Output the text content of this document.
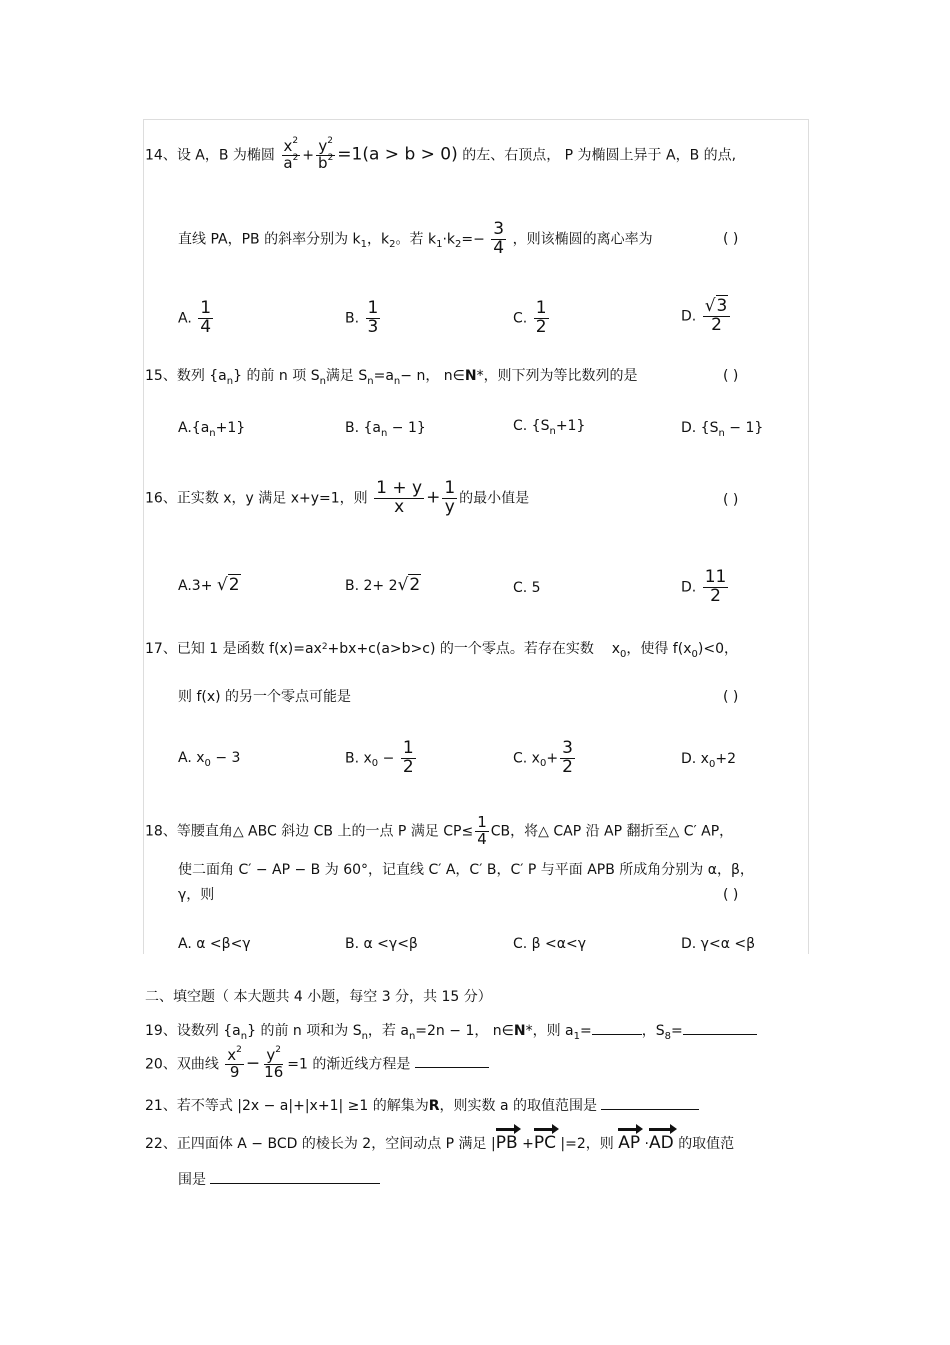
14、设 A，B 为椭圆 $\frac{x^2}{a^2} + \frac{y^2}{b^2} =1(a > b > 0)$ 的左、右顶点， P 为椭圆上异于 A，B 的点,
直线 PA，PB 的斜率分别为 $k_1$，$k_2$。若 $k_1\cdot k_2=- \frac{3}{4}$ ，则该椭圆的离心率为	( )
A. $\frac{1}{4}$	B. $\frac{1}{3}$	C. $\frac{1}{2}$	D. $\frac{√3}{2}$
15、数列 $\{a_n\}$ 的前 n 项 $S_n$满足 $S_n=a_n- n$， n∈N*，则下列为等比数列的是	( )
$A.\{a_n+1\}$	B. $\{a_n - 1\}$	C. $\{S_n+1\}$	D. $\{S_n - 1\}$
16、正实数 x，y 满足 x+y=1，则 $\frac{1 + y}{x} + \frac{1}{y}$ 的最小值是	( )
A.3+ √2	B. 2+ 2√2	C. 5	D. $\frac{11}{2}$
17、已知 1 是函数 $f(x)=ax^2+bx+c(a>b>c)$ 的一个零点。若存在实数 $x_0$，使得 $f(x_0)<0$，
则 f(x) 的另一个零点可能是	( )
A. $x_0 - 3$	B. $x_0 - \frac{1}{2}$	C. $x_0+ \frac{3}{2}$	D. $x_0+2$
18、等腰直角△ ABC 斜边 CB 上的一点 P 满足 $CP\le \frac{1}{4}$ CB，将△ CAP 沿 AP 翻折至△ C′ AP，
使二面角 C′ − AP − B 为 60°，记直线 C′ A，C′ B，C′ P 与平面 APB 所成角分别为 α，β，
γ，则	( )
A. α <β<γ	B. α <γ<β	C. β <α<γ	D. γ<α <β
二、填空题（ 本大题共 4 小题，每空 3 分，共 15 分）
19、设数列 $\{a_n\}$ 的前 n 项和为 $S_n$，若 $a_n=2n - 1$， n∈N*，则 $a_1=$	，$S_8=$
20、双曲线 $\frac{x^2}{9} - \frac{y^2}{16} =1$ 的渐近线方程是
21、若不等式 |2x − a|+|x+1| ≥1 的解集为R，则实数 a 的取值范围是
22、正四面体 A − BCD 的棱长为 2，空间动点 P 满足 |PB +PC |=2，则 AP ·AD 的取值范
围是
